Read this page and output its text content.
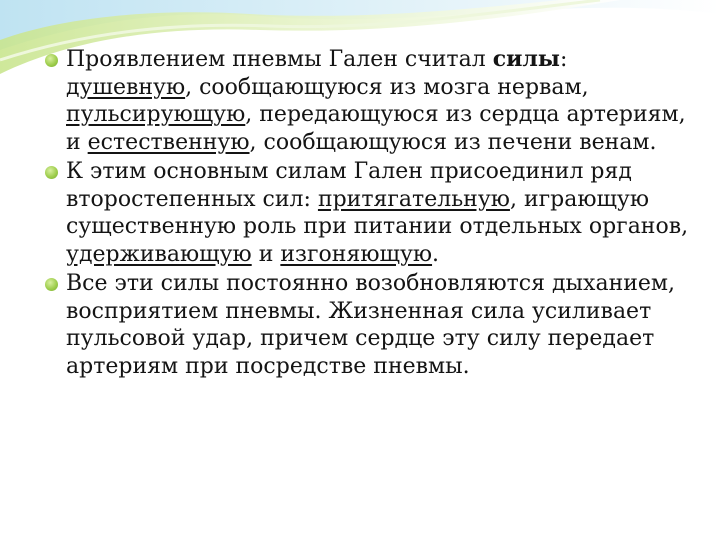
Проявлением пневмы Гален считал силы: душевную, сообщающуюся из мозга нервам, пульсирующую, передающуюся из сердца артериям, и естественную, сообщающуюся из печени венам.
К этим основным силам Гален присоединил ряд второстепенных сил: притягательную, играющую существенную роль при питании отдельных органов, удерживающую и изгоняющую.
Все эти силы постоянно возобновляются дыханием, восприятием пневмы. Жизненная сила усиливает пульсовой удар, причем сердце эту силу передает артериям при посредстве пневмы.
